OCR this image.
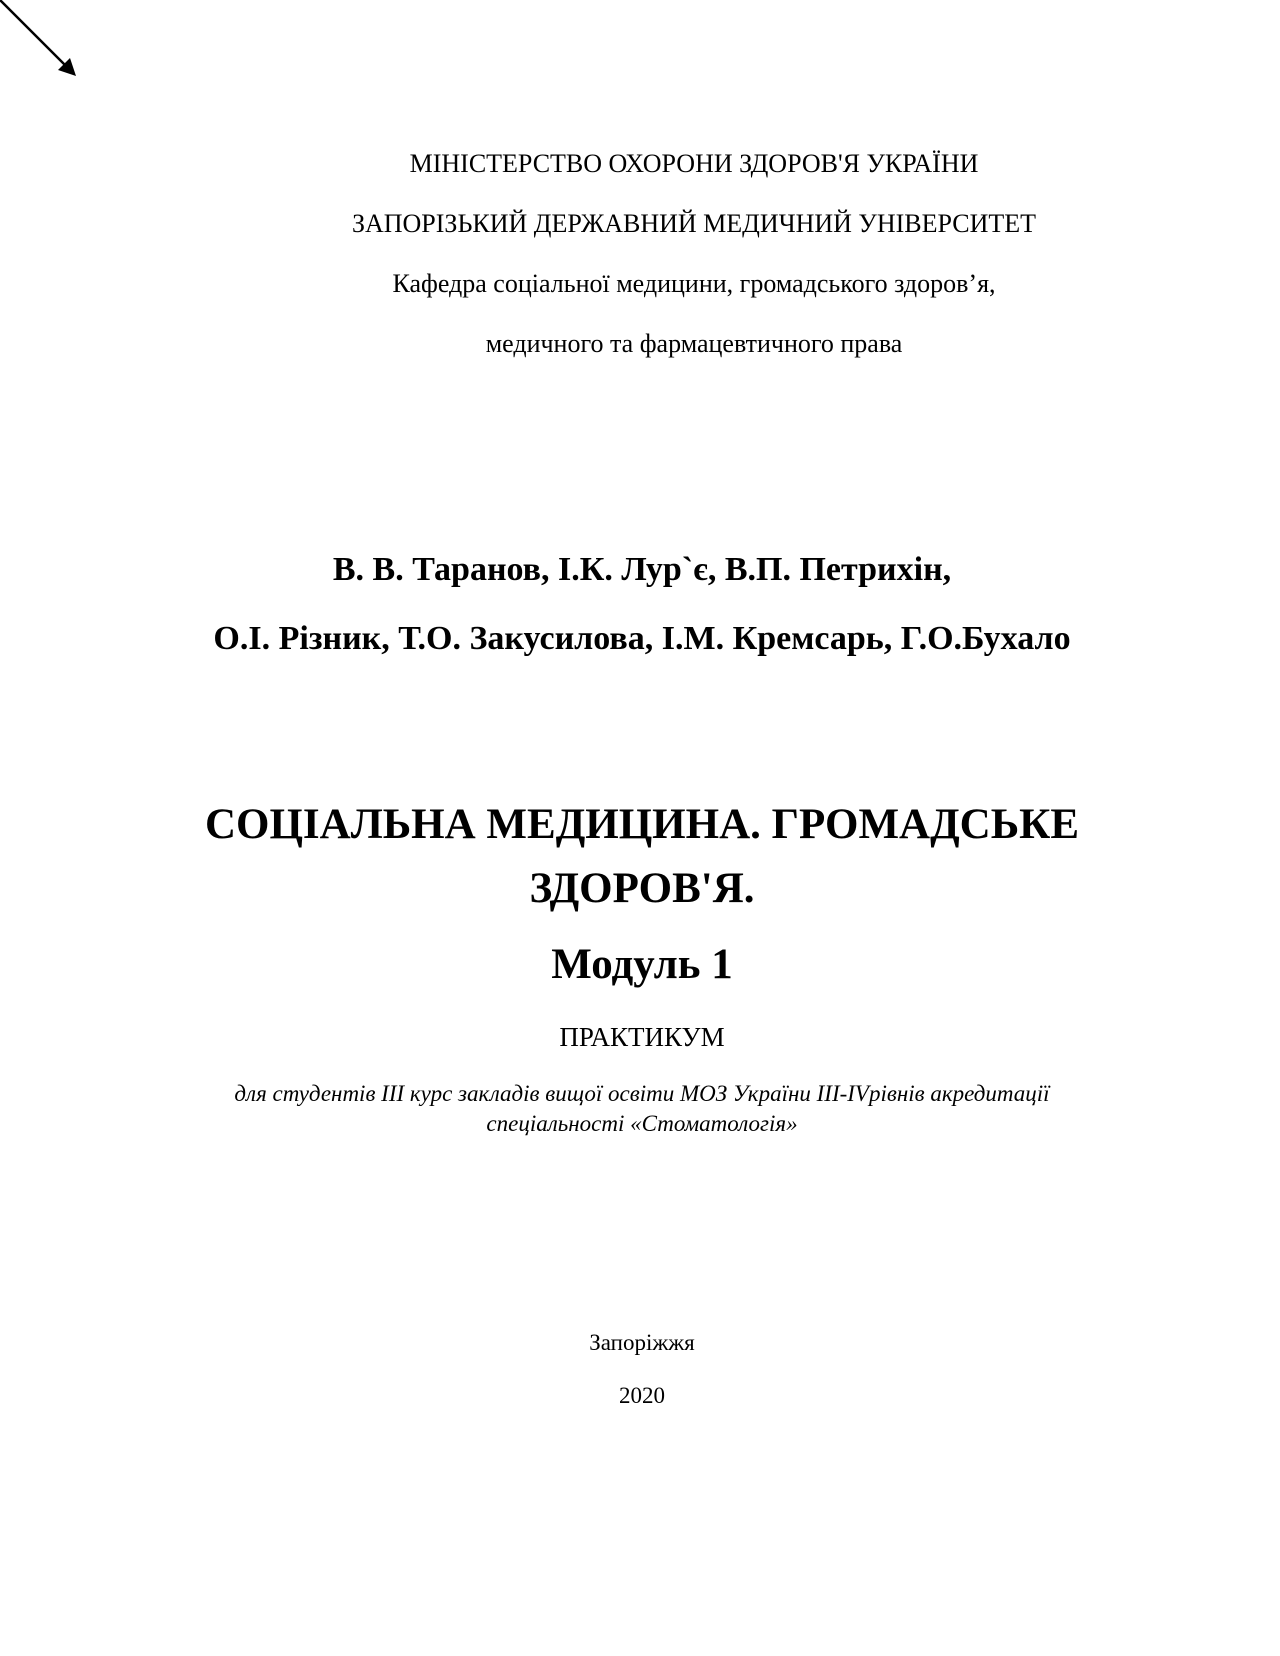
МІНІСТЕРСТВО ОХОРОНИ ЗДОРОВ'Я УКРАЇНИ
ЗАПОРІЗЬКИЙ ДЕРЖАВНИЙ МЕДИЧНИЙ УНІВЕРСИТЕТ
Кафедра соціальної медицини, громадського здоров’я,
медичного та фармацевтичного права
В. В. Таранов, І.К. Лур`є, В.П. Петрихін,
О.І. Різник, Т.О. Закусилова, І.М. Кремсарь, Г.О.Бухало
СОЦІАЛЬНА МЕДИЦИНА. ГРОМАДСЬКЕ
ЗДОРОВ'Я.
Модуль 1
ПРАКТИКУМ
для студентів ІІІ курс закладів вищої освіти МОЗ України ІІІ-IVрівнів акредитації
спеціальності «Стоматологія»
Запоріжжя
2020
